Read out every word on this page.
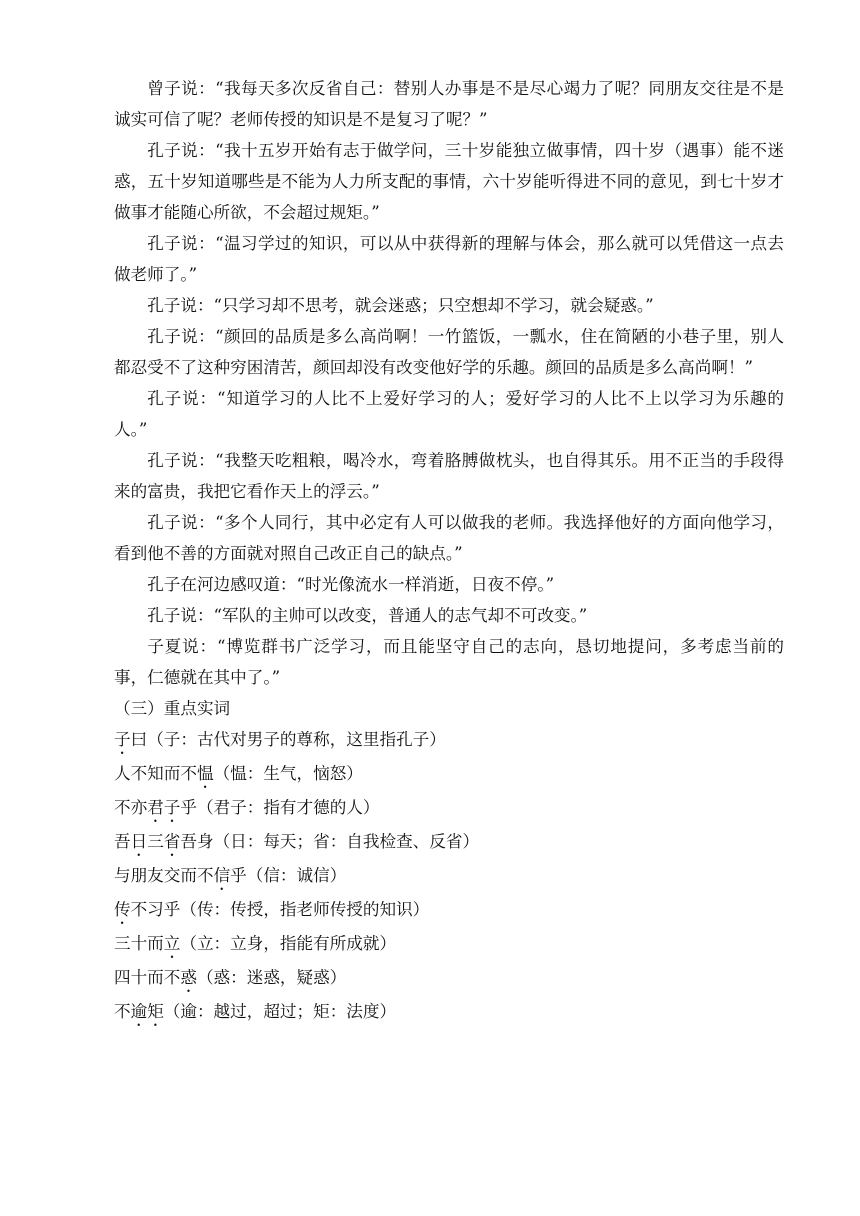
曾子说：“我每天多次反省自己：替别人办事是不是尽心竭力了呢？同朋友交往是不是诚实可信了呢？老师传授的知识是不是复习了呢？”

孔子说：“我十五岁开始有志于做学问，三十岁能独立做事情，四十岁（遇事）能不迷惑，五十岁知道哪些是不能为人力所支配的事情，六十岁能听得进不同的意见，到七十岁才做事才能随心所欲，不会超过规矩。”

孔子说：“温习学过的知识，可以从中获得新的理解与体会，那么就可以凭借这一点去做老师了。”

孔子说：“只学习却不思考，就会迷惑；只空想却不学习，就会疑惑。”

孔子说：“颜回的品质是多么高尚啊！一竹篮饭，一瓢水，住在简陋的小巷子里，别人都忍受不了这种穷困清苦，颜回却没有改变他好学的乐趣。颜回的品质是多么高尚啊！”

孔子说：“知道学习的人比不上爱好学习的人；爱好学习的人比不上以学习为乐趣的人。”

孔子说：“我整天吃粗粮，喝冷水，弯着胳膊做枕头，也自得其乐。用不正当的手段得来的富贵，我把它看作天上的浮云。”

孔子说：“多个人同行，其中必定有人可以做我的老师。我选择他好的方面向他学习，看到他不善的方面就对照自己改正自己的缺点。”

孔子在河边感叹道：“时光像流水一样消逝，日夜不停。”

孔子说：“军队的主帅可以改变，普通人的志气却不可改变。”

子夏说：“博览群书广泛学习，而且能坚守自己的志向，恳切地提问，多考虑当前的事，仁德就在其中了。”

（三）重点实词

子曰（子：古代对男子的尊称，这里指孔子）

人不知而不愠（愠：生气，恼怒）

不亦君子乎（君子：指有才德的人）

吾日三省吾身（日：每天；省：自我检查、反省）

与朋友交而不信乎（信：诚信）

传不习乎（传：传授，指老师传授的知识）

三十而立（立：立身，指能有所成就）

四十而不惑（惑：迷惑，疑惑）

不逾矩（逾：越过，超过；矩：法度）
